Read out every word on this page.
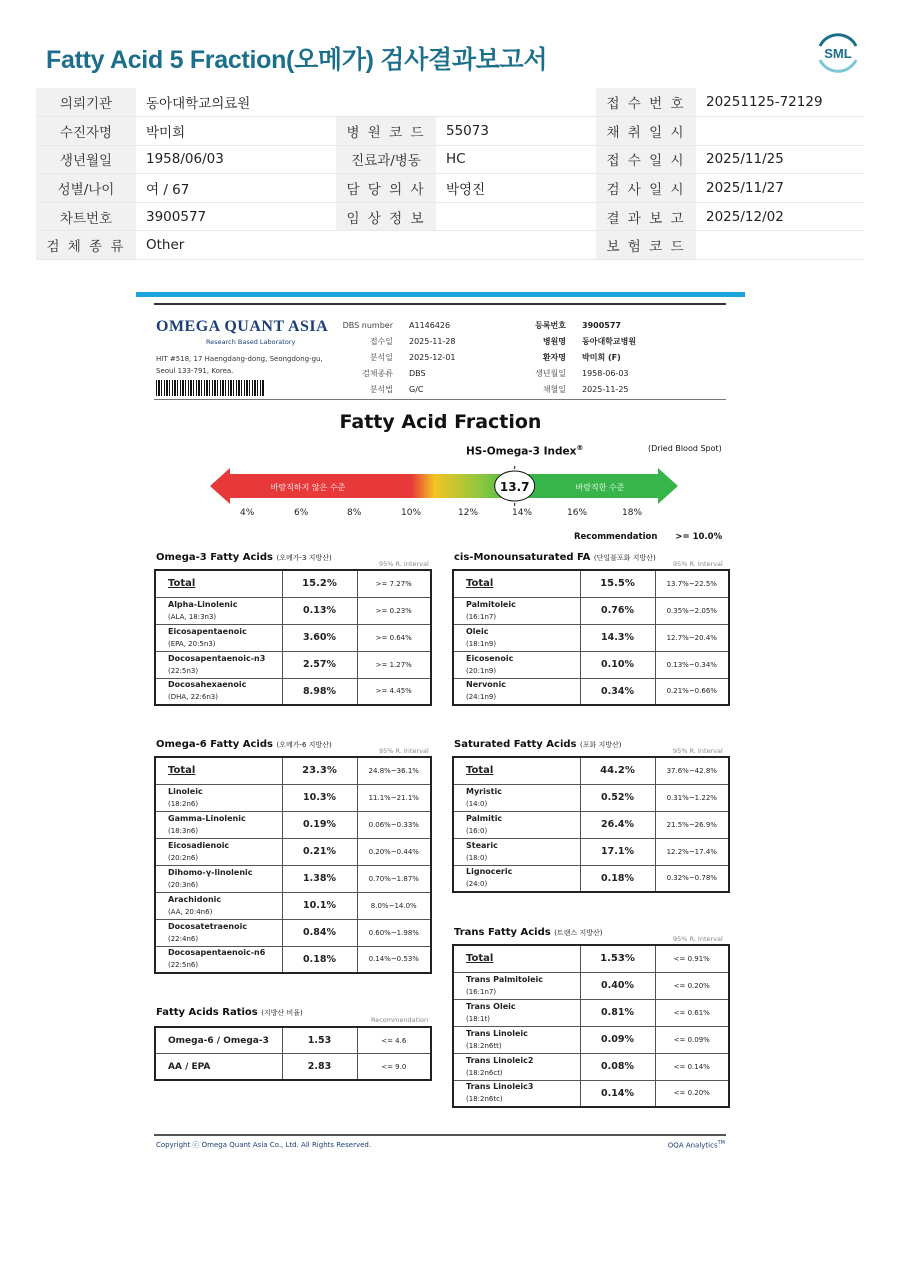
Fatty Acid 5 Fraction(오메가) 검사결과보고서	SML
의뢰기관	동아대학교의료원			접 수 번 호	20251125-72129
수진자명	박미희	병 원 코 드	55073	채 취 일 시	
생년월일	1958/06/03	진료과/병동	HC	접 수 일 시	2025/11/25
성별/나이	여 / 67	담 당 의 사	박영진	검 사 일 시	2025/11/27
차트번호	3900577	임 상 정 보		결 과 보 고	2025/12/02
검 체 종 류	Other			보 험 코 드	
OMEGA QUANT ASIA
Research Based Laboratory
HIT #518, 17 Haengdang-dong, Seongdong-gu, Seoul 133-791, Korea.
DBS number A1146426
접수일 2025-11-28
분석일 2025-12-01
검체종류 DBS
분석법 G/C
등록번호 3900577
병원명 동아대학교병원
환자명 박미희 (F)
생년월일 1958-06-03
채혈일 2025-11-25
Fatty Acid Fraction
HS-Omega-3 Index®	(Dried Blood Spot)
바람직하지 않은 수준	바람직한 수준
13.7
4%	6%	8%	10%	12%	14%	16%	18%
Recommendation >= 10.0%
Omega-3 Fatty Acids (오메가-3 지방산)
95% R. Interval
Total	15.2%	>= 7.27%

Alpha-Linolenic
(ALA, 18:3n3)	0.13%	>= 0.23%

Eicosapentaenoic
(EPA, 20:5n3)	3.60%	>= 0.64%

Docosapentaenoic-n3
(22:5n3)	2.57%	>= 1.27%

Docosahexaenoic
(DHA, 22:6n3)	8.98%	>= 4.45%
cis-Monounsaturated FA (단일불포화 지방산)
95% R. Interval
Total	15.5%	13.7%~22.5%

Palmitoleic
(16:1n7)	0.76%	0.35%~2.05%

Oleic
(18:1n9)	14.3%	12.7%~20.4%

Eicosenoic
(20:1n9)	0.10%	0.13%~0.34%

Nervonic
(24:1n9)	0.34%	0.21%~0.66%
Omega-6 Fatty Acids (오메가-6 지방산)
95% R. Interval
Total	23.3%	24.8%~36.1%

Linoleic
(18:2n6)	10.3%	11.1%~21.1%

Gamma-Linolenic
(18:3n6)	0.19%	0.06%~0.33%

Eicosadienoic
(20:2n6)	0.21%	0.20%~0.44%

Dihomo-γ-linolenic
(20:3n6)	1.38%	0.70%~1.87%

Arachidonic
(AA, 20:4n6)	10.1%	8.0%~14.0%

Docosatetraenoic
(22:4n6)	0.84%	0.60%~1.98%

Docosapentaenoic-n6
(22:5n6)	0.18%	0.14%~0.53%
Saturated Fatty Acids (포화 지방산)
95% R. Interval
Total	44.2%	37.6%~42.8%

Myristic
(14:0)	0.52%	0.31%~1.22%

Palmitic
(16:0)	26.4%	21.5%~26.9%

Stearic
(18:0)	17.1%	12.2%~17.4%

Lignoceric
(24:0)	0.18%	0.32%~0.78%
Trans Fatty Acids (트랜스 지방산)
95% R. Interval
Total	1.53%	<= 0.91%

Trans Palmitoleic
(16:1n7)	0.40%	<= 0.20%

Trans Oleic
(18:1t)	0.81%	<= 0.61%

Trans Linoleic
(18:2n6tt)	0.09%	<= 0.09%

Trans Linoleic2
(18:2n6ct)	0.08%	<= 0.14%

Trans Linoleic3
(18:2n6tc)	0.14%	<= 0.20%
Fatty Acids Ratios (지방산 비율)
Recommendation
Omega-6 / Omega-3	1.53	<= 4.6
AA / EPA	2.83	<= 9.0
Copyright ⓒ Omega Quant Asia Co., Ltd. All Rights Reserved.	OQA Analytics™
